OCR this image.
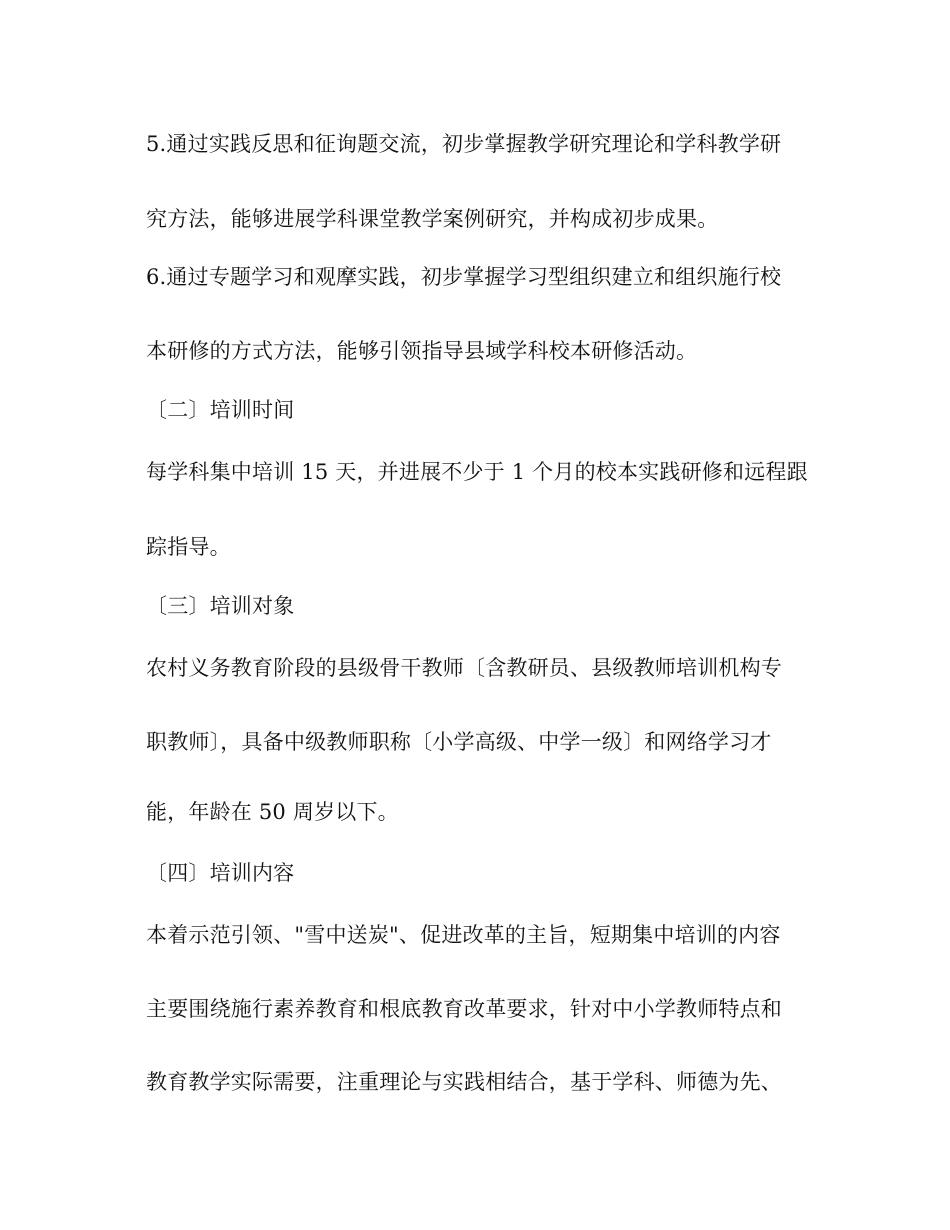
5.通过实践反思和征询题交流，初步掌握教学研究理论和学科教学研
究方法，能够进展学科课堂教学案例研究，并构成初步成果。
6.通过专题学习和观摩实践，初步掌握学习型组织建立和组织施行校
本研修的方式方法，能够引领指导县域学科校本研修活动。
〔二〕培训时间
每学科集中培训 15 天，并进展不少于 1 个月的校本实践研修和远程跟
踪指导。
〔三〕培训对象
农村义务教育阶段的县级骨干教师〔含教研员、县级教师培训机构专
职教师〕，具备中级教师职称〔小学高级、中学一级〕和网络学习才
能，年龄在 50 周岁以下。
〔四〕培训内容
本着示范引领、"雪中送炭"、促进改革的主旨，短期集中培训的内容
主要围绕施行素养教育和根底教育改革要求，针对中小学教师特点和
教育教学实际需要，注重理论与实践相结合，基于学科、师德为先、
